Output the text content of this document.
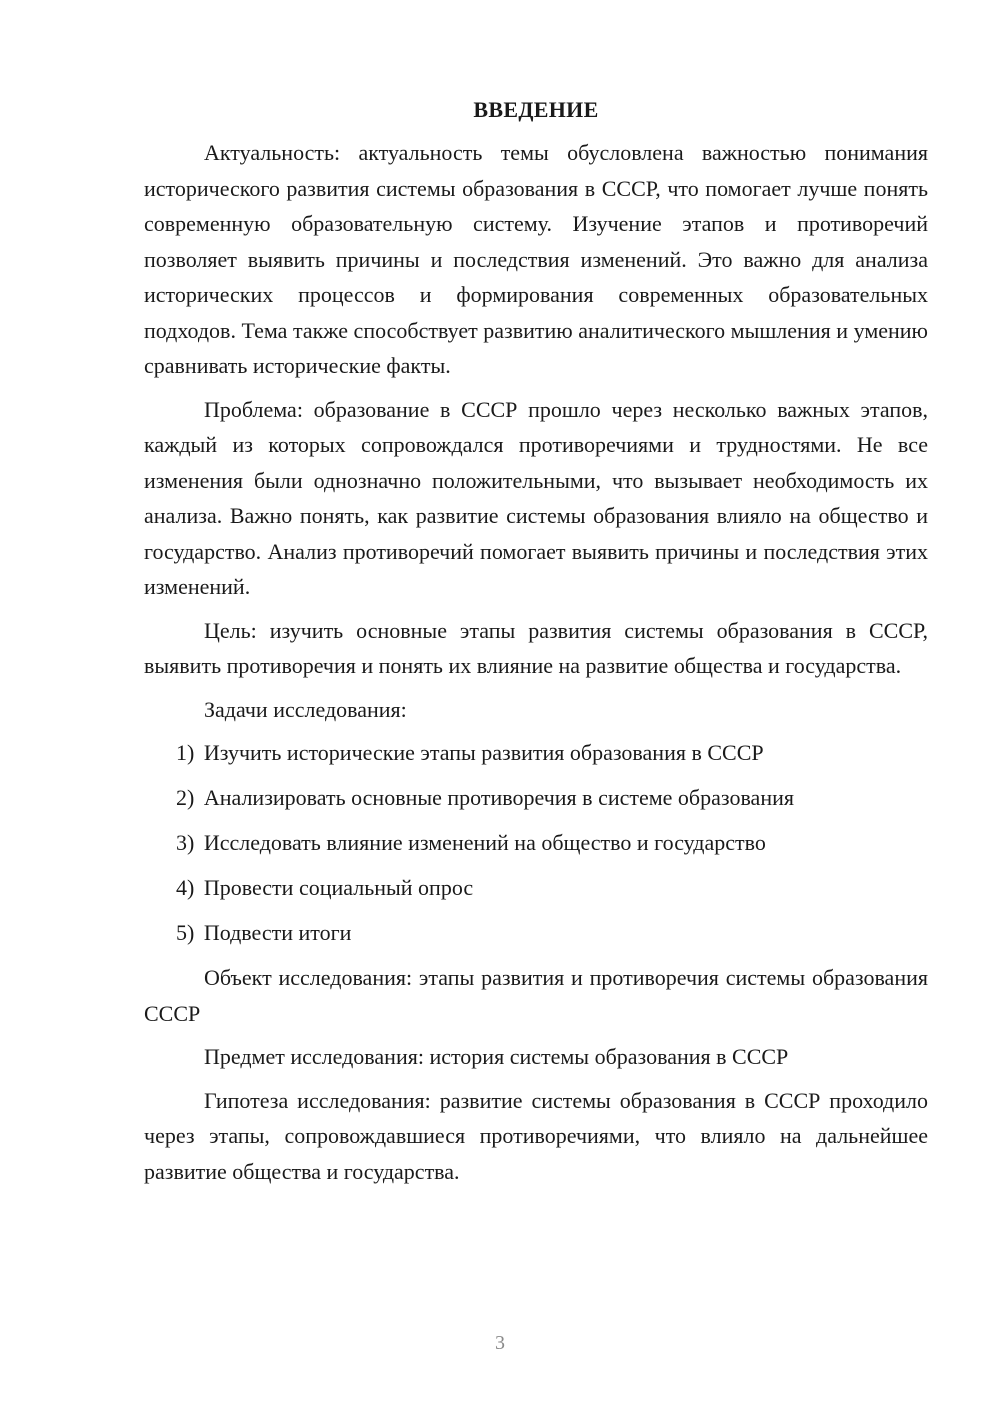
ВВЕДЕНИЕ

Актуальность: актуальность темы обусловлена важностью понимания исторического развития системы образования в СССР, что помогает лучше понять современную образовательную систему. Изучение этапов и противоречий позволяет выявить причины и последствия изменений. Это важно для анализа исторических процессов и формирования современных образовательных подходов. Тема также способствует развитию аналитического мышления и умению сравнивать исторические факты.

Проблема: образование в СССР прошло через несколько важных этапов, каждый из которых сопровождался противоречиями и трудностями. Не все изменения были однозначно положительными, что вызывает необходимость их анализа. Важно понять, как развитие системы образования влияло на общество и государство. Анализ противоречий помогает выявить причины и последствия этих изменений.

Цель: изучить основные этапы развития системы образования в СССР, выявить противоречия и понять их влияние на развитие общества и государства.

Задачи исследования:

1) Изучить исторические этапы развития образования в СССР
2) Анализировать основные противоречия в системе образования
3) Исследовать влияние изменений на общество и государство
4) Провести социальный опрос
5) Подвести итоги

Объект исследования: этапы развития и противоречия системы образования СССР

Предмет исследования: история системы образования в СССР

Гипотеза исследования: развитие системы образования в СССР проходило через этапы, сопровождавшиеся противоречиями, что влияло на дальнейшее развитие общества и государства.

3
